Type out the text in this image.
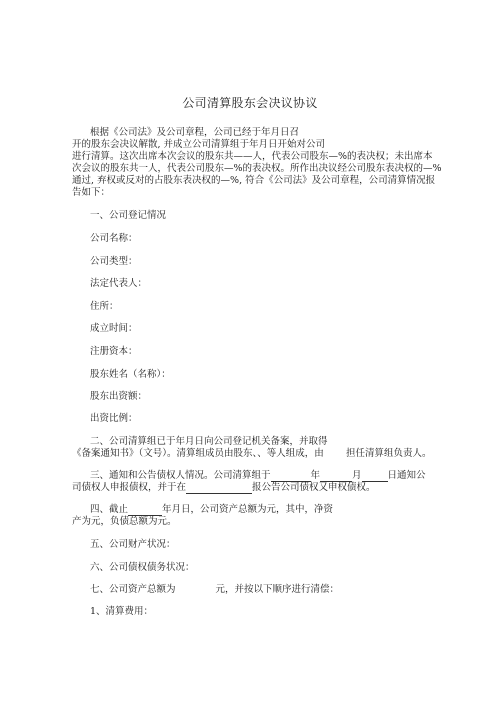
公司清算股东会决议协议
根据《公司法》及公司章程，公司已经于年月日召
开的股东会决议解散, 并成立公司清算组于年月日开始对公司
进行清算。这次出席本次会议的股东共——人，代表公司股东—%的表决权；未出席本
次会议的股东共一人，代表公司股东—%的表决权。所作出决议经公司股东表决权的—%
通过, 弃权或反对的占股东表决权的—%, 符合《公司法》及公司章程，公司清算情况报
告如下：
一、公司登记情况
公司名称：
公司类型：
法定代表人：
住所：
成立时间：
注册资本：
股东姓名（名称）：
股东出资额：
出资比例：
二、公司清算组已于年月日向公司登记机关备案，并取得
《备案通知书》（文号）。清算组成员由股东、、等人组成，由 担任清算组负责人。
三、通知和公告债权人情况。公司清算组于	年	月	日通知公
司债权人申报债权，并于在	报公告公司债权又申权债权。
四、截止	年月日，公司资产总额为元，其中，净资
产为元，负债总额为元。
五、公司财产状况：
六、公司债权债务状况：
七、公司资产总额为	元，并按以下顺序进行清偿：
1、清算费用：
